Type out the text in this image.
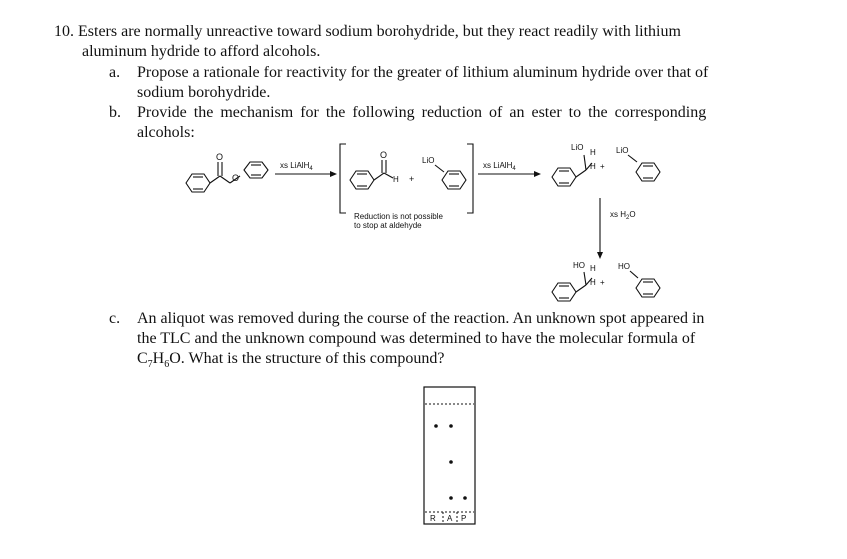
10. Esters are normally unreactive toward sodium borohydride, but they react readily with lithium
aluminum hydride to afford alcohols.
a. Propose a rationale for reactivity for the greater of lithium aluminum hydride over that of
sodium borohydride.
b. Provide the mechanism for the following reduction of an ester to the corresponding
alcohols:
c. An aliquot was removed during the course of the reaction. An unknown spot appeared in
the TLC and the unknown compound was determined to have the molecular formula of
$C_7H_6O$. What is the structure of this compound?
O
O
xs LiAlH$_4$
O
H +
LiO
Reduction is not possible
to stop at aldehyde
xs LiAlH$_4$
LiO
H
H +
LiO
xs $H_2O$
HO H
H +
HO
R A P
